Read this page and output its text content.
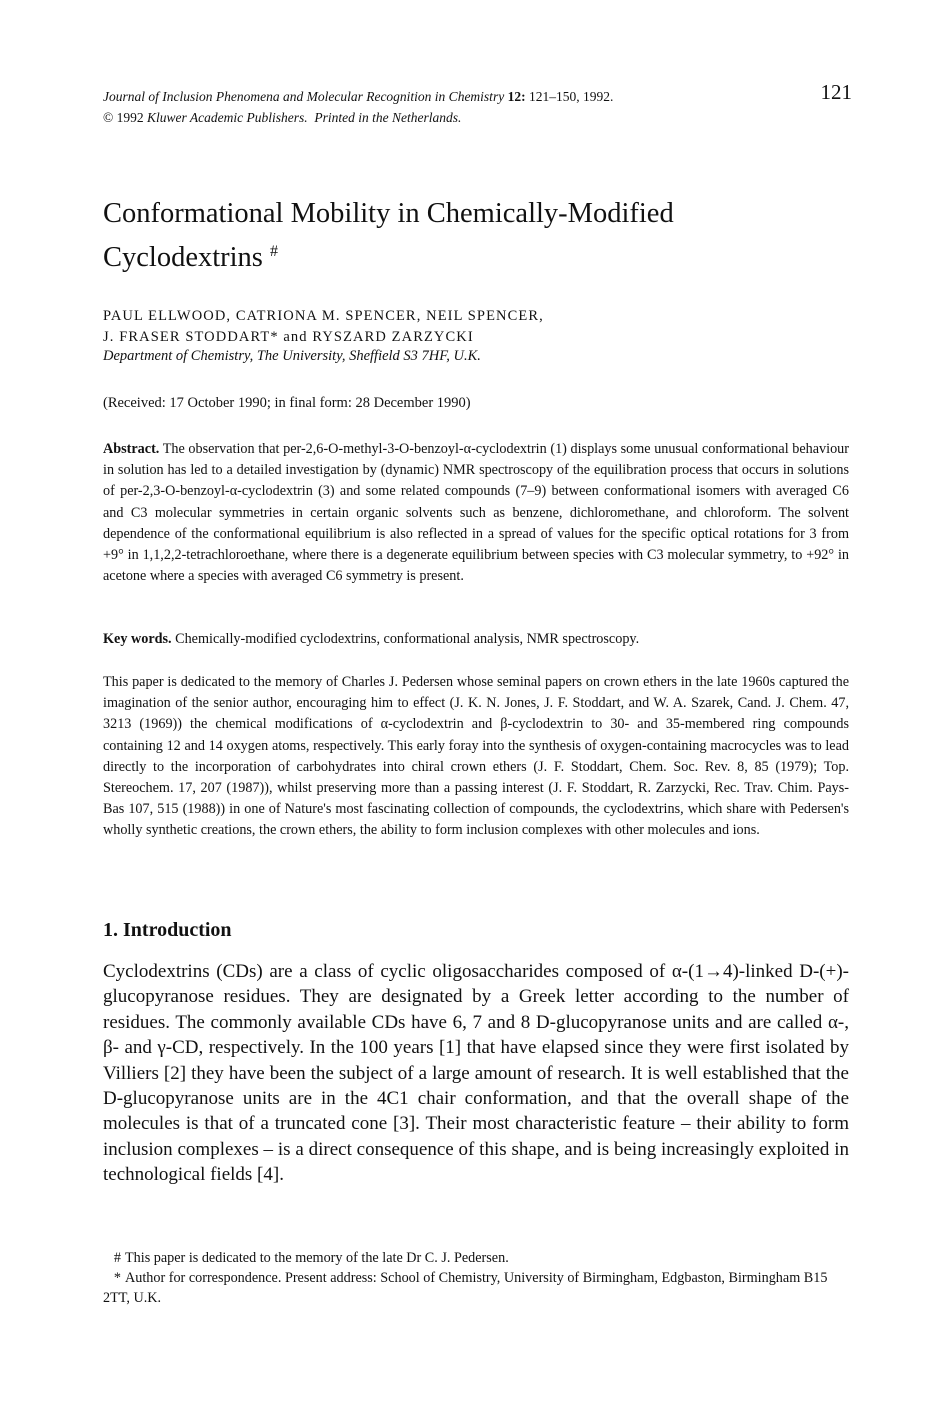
Journal of Inclusion Phenomena and Molecular Recognition in Chemistry 12: 121–150, 1992.
© 1992 Kluwer Academic Publishers. Printed in the Netherlands.
121
Conformational Mobility in Chemically-Modified
Cyclodextrins #
PAUL ELLWOOD, CATRIONA M. SPENCER, NEIL SPENCER,
J. FRASER STODDART* and RYSZARD ZARZYCKI
Department of Chemistry, The University, Sheffield S3 7HF, U.K.
(Received: 17 October 1990; in final form: 28 December 1990)
Abstract. The observation that per-2,6-O-methyl-3-O-benzoyl-α-cyclodextrin (1) displays some unusual conformational behaviour in solution has led to a detailed investigation by (dynamic) NMR spectroscopy of the equilibration process that occurs in solutions of per-2,3-O-benzoyl-α-cyclodextrin (3) and some related compounds (7–9) between conformational isomers with averaged C6 and C3 molecular symmetries in certain organic solvents such as benzene, dichloromethane, and chloroform. The solvent dependence of the conformational equilibrium is also reflected in a spread of values for the specific optical rotations for 3 from +9° in 1,1,2,2-tetrachloroethane, where there is a degenerate equilibrium between species with C3 molecular symmetry, to +92° in acetone where a species with averaged C6 symmetry is present.
Key words. Chemically-modified cyclodextrins, conformational analysis, NMR spectroscopy.
This paper is dedicated to the memory of Charles J. Pedersen whose seminal papers on crown ethers in the late 1960s captured the imagination of the senior author, encouraging him to effect (J. K. N. Jones, J. F. Stoddart, and W. A. Szarek, Cand. J. Chem. 47, 3213 (1969)) the chemical modifications of α-cyclodextrin and β-cyclodextrin to 30- and 35-membered ring compounds containing 12 and 14 oxygen atoms, respectively. This early foray into the synthesis of oxygen-containing macrocycles was to lead directly to the incorporation of carbohydrates into chiral crown ethers (J. F. Stoddart, Chem. Soc. Rev. 8, 85 (1979); Top. Stereochem. 17, 207 (1987)), whilst preserving more than a passing interest (J. F. Stoddart, R. Zarzycki, Rec. Trav. Chim. Pays-Bas 107, 515 (1988)) in one of Nature's most fascinating collection of compounds, the cyclodextrins, which share with Pedersen's wholly synthetic creations, the crown ethers, the ability to form inclusion complexes with other molecules and ions.
1. Introduction
Cyclodextrins (CDs) are a class of cyclic oligosaccharides composed of α-(1→4)-linked D-(+)-glucopyranose residues. They are designated by a Greek letter according to the number of residues. The commonly available CDs have 6, 7 and 8 D-glucopyranose units and are called α-, β- and γ-CD, respectively. In the 100 years [1] that have elapsed since they were first isolated by Villiers [2] they have been the subject of a large amount of research. It is well established that the D-glucopyranose units are in the 4C1 chair conformation, and that the overall shape of the molecules is that of a truncated cone [3]. Their most characteristic feature – their ability to form inclusion complexes – is a direct consequence of this shape, and is being increasingly exploited in technological fields [4].

# This paper is dedicated to the memory of the late Dr C. J. Pedersen.

* Author for correspondence. Present address: School of Chemistry, University of Birmingham, Edgbaston, Birmingham B15 2TT, U.K.
